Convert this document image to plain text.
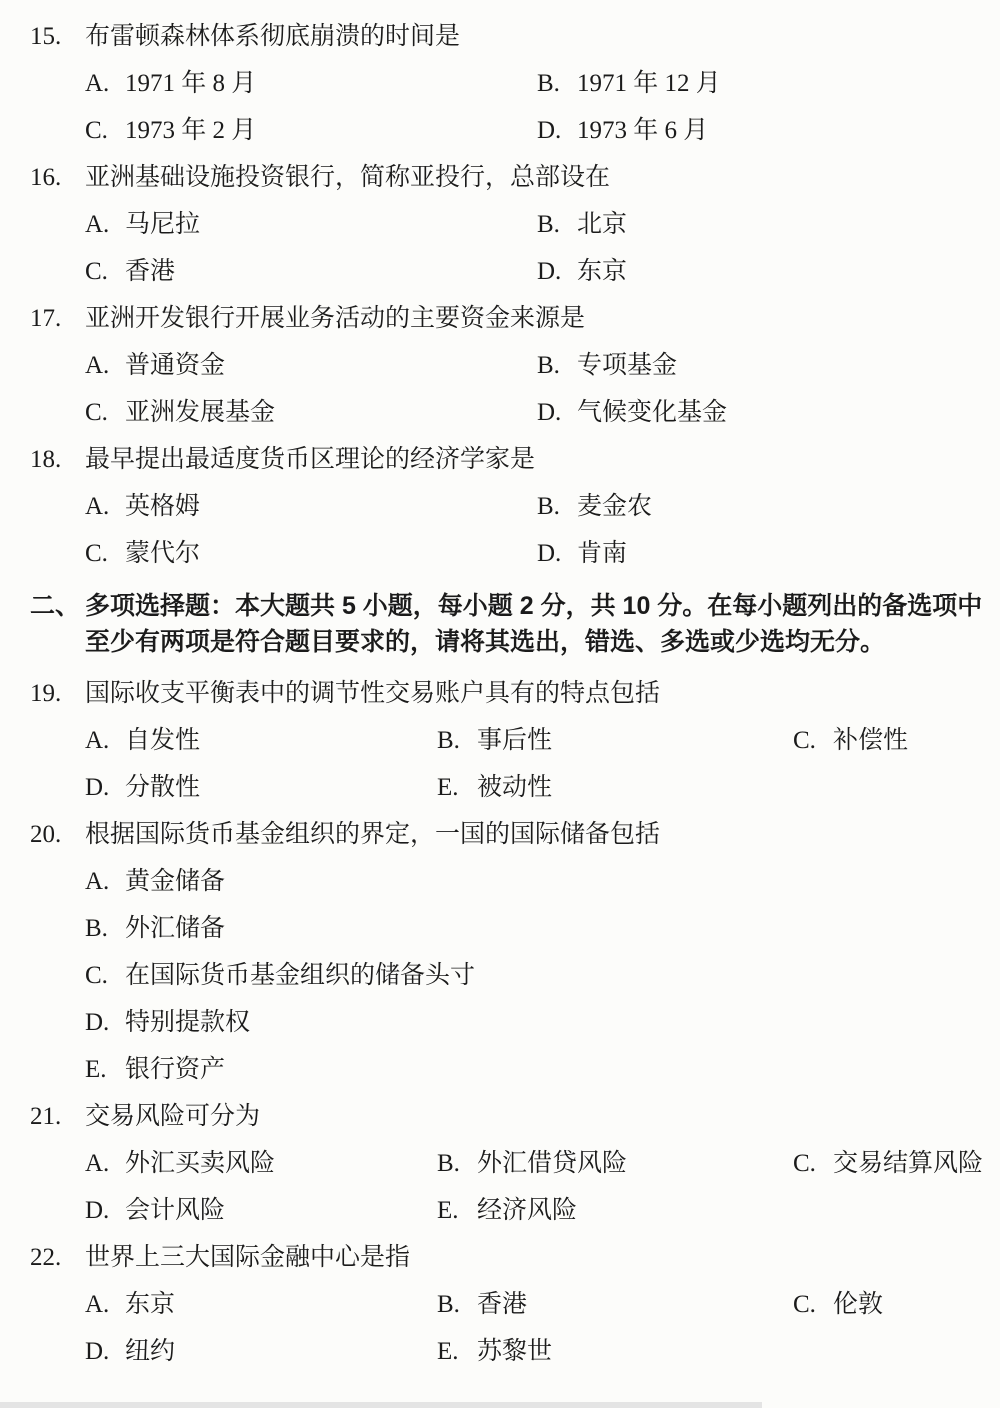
15. 布雷顿森林体系彻底崩溃的时间是
A. 1971 年 8 月	B. 1971 年 12 月
C. 1973 年 2 月	D. 1973 年 6 月
16. 亚洲基础设施投资银行，简称亚投行，总部设在
A. 马尼拉	B. 北京
C. 香港	D. 东京
17. 亚洲开发银行开展业务活动的主要资金来源是
A. 普通资金	B. 专项基金
C. 亚洲发展基金	D. 气候变化基金
18. 最早提出最适度货币区理论的经济学家是
A. 英格姆	B. 麦金农
C. 蒙代尔	D. 肯南
二、 多项选择题：本大题共 5 小题，每小题 2 分，共 10 分。在每小题列出的备选项中
至少有两项是符合题目要求的，请将其选出，错选、多选或少选均无分。
19. 国际收支平衡表中的调节性交易账户具有的特点包括
A. 自发性	B. 事后性	C. 补偿性
D. 分散性	E. 被动性
20. 根据国际货币基金组织的界定，一国的国际储备包括
A. 黄金储备
B. 外汇储备
C. 在国际货币基金组织的储备头寸
D. 特别提款权
E. 银行资产
21. 交易风险可分为
A. 外汇买卖风险	B. 外汇借贷风险	C. 交易结算风险
D. 会计风险	E. 经济风险
22. 世界上三大国际金融中心是指
A. 东京	B. 香港	C. 伦敦
D. 纽约	E. 苏黎世
